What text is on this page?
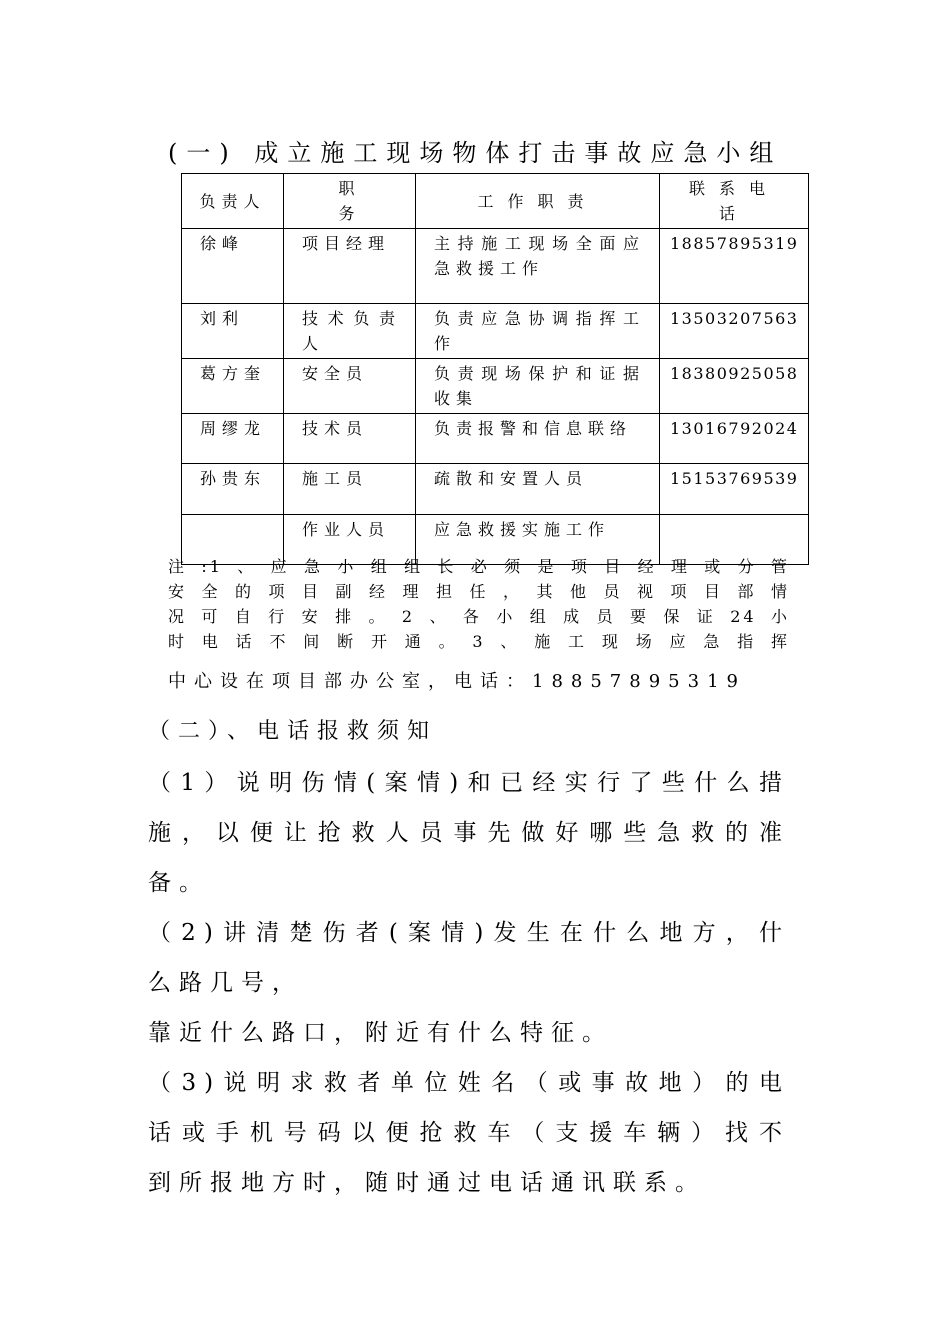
(一) 成立施工现场物体打击事故应急小组
负责人	职务	工作职责	联系电话

徐峰	项目经理	主持施工现场全面应急救援工作	18857895319
刘利	技术负责人	负责应急协调指挥工作	13503207563
葛方奎	安全员	负责现场保护和证据收集	18380925058
周缪龙	技术员	负责报警和信息联络	13016792024
孙贵东	施工员	疏散和安置人员	15153769539
	作业人员	应急救援实施工作	

注:1、应急小组组长必须是项目经理或分管

安全的项目副经理担任，其他员视项目部情

况可自行安排。2、各小组成员要保证24小

时电话不间断开通。3、施工现场应急指挥

中心设在项目部办公室，电话：18857895319

（二）、电话报救须知

（1）说明伤情(案情)和已经实行了些什么措

施，以便让抢救人员事先做好哪些急救的准

备。

（2)讲清楚伤者(案情)发生在什么地方，什

么路几号，

靠近什么路口，附近有什么特征。

（3)说明求救者单位姓名（或事故地）的电

话或手机号码以便抢救车（支援车辆）找不

到所报地方时，随时通过电话通讯联系。
